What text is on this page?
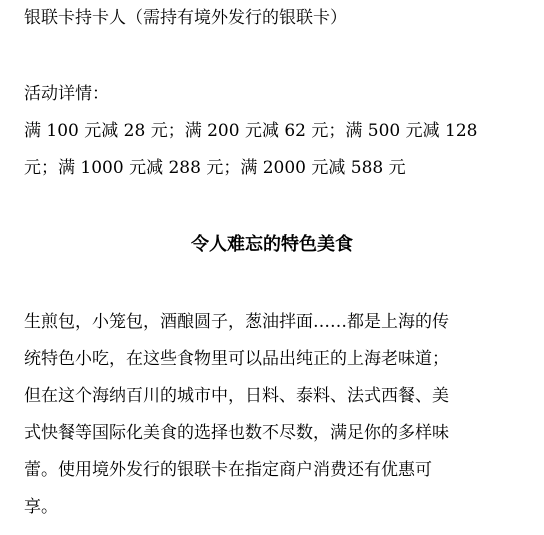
银联卡持卡人（需持有境外发行的银联卡）
活动详情：
满 100 元减 28 元；满 200 元减 62 元；满 500 元减 128
元；满 1000 元减 288 元；满 2000 元减 588 元
令人难忘的特色美食
生煎包，小笼包，酒酿圆子，葱油拌面……都是上海的传
统特色小吃，在这些食物里可以品出纯正的上海老味道；
但在这个海纳百川的城市中，日料、泰料、法式西餐、美
式快餐等国际化美食的选择也数不尽数，满足你的多样味
蕾。使用境外发行的银联卡在指定商户消费还有优惠可
享。
